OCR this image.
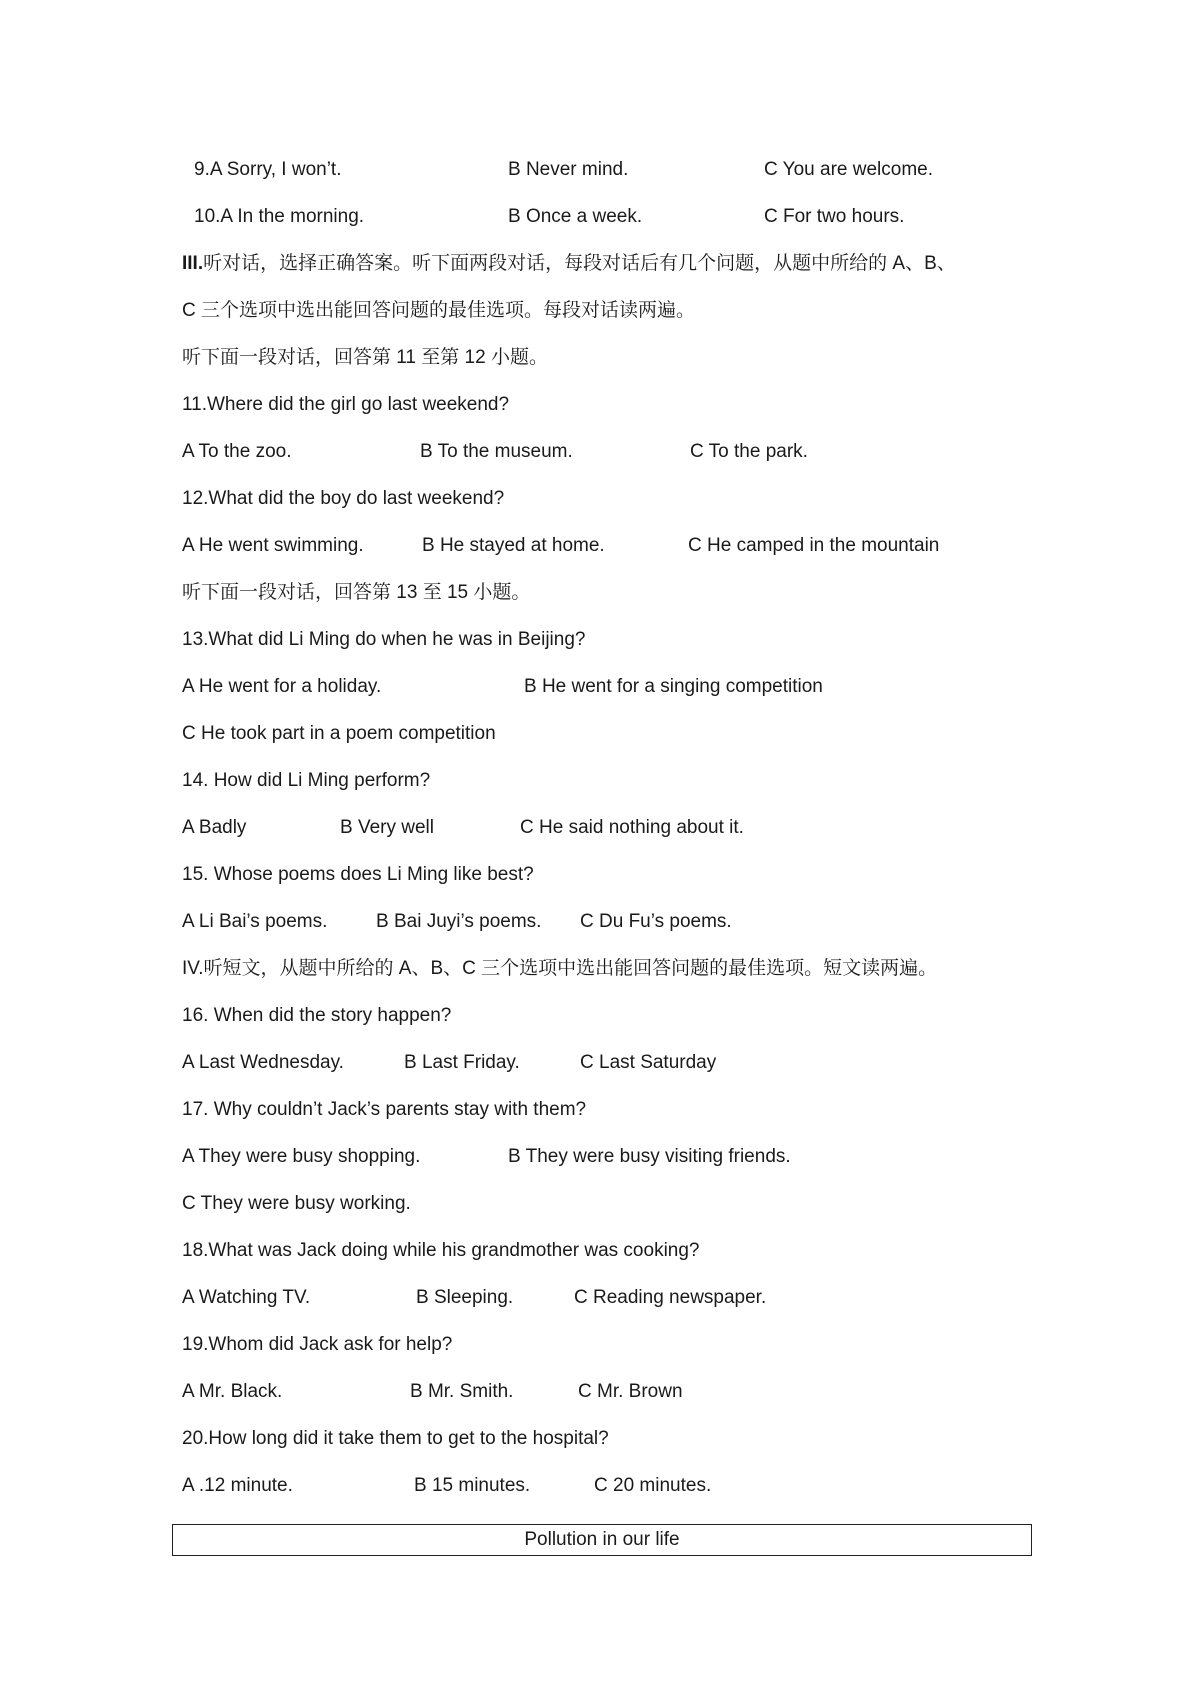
9.A Sorry, I won’t.	B Never mind.	C You are welcome.
10.A In the morning.	B Once a week.	C For two hours.
III.听对话，选择正确答案。听下面两段对话，每段对话后有几个问题，从题中所给的 A、B、
C 三个选项中选出能回答问题的最佳选项。每段对话读两遍。
听下面一段对话，回答第 11 至第 12 小题。
11.Where did the girl go last weekend?
A To the zoo.	B To the museum.	C To the park.
12.What did the boy do last weekend?
A He went swimming.	B He stayed at home.	C He camped in the mountain
听下面一段对话，回答第 13 至 15 小题。
13.What did Li Ming do when he was in Beijing?
A He went for a holiday.	B He went for a singing competition
C He took part in a poem competition
14. How did Li Ming perform?
A Badly	B Very well	C He said nothing about it.
15. Whose poems does Li Ming like best?
A Li Bai’s poems.	B Bai Juyi’s poems. C Du Fu’s poems.
IV.听短文，从题中所给的 A、B、C 三个选项中选出能回答问题的最佳选项。短文读两遍。
16. When did the story happen?
A Last Wednesday.	B Last Friday.	C Last Saturday
17. Why couldn’t Jack’s parents stay with them?
A They were busy shopping.	B They were busy visiting friends.
C They were busy working.
18.What was Jack doing while his grandmother was cooking?
A Watching TV.	B Sleeping.	C Reading newspaper.
19.Whom did Jack ask for help?
A Mr. Black.	B Mr. Smith.	C Mr. Brown
20.How long did it take them to get to the hospital?
A .12 minute.	B 15 minutes.	C 20 minutes.
Pollution in our life
